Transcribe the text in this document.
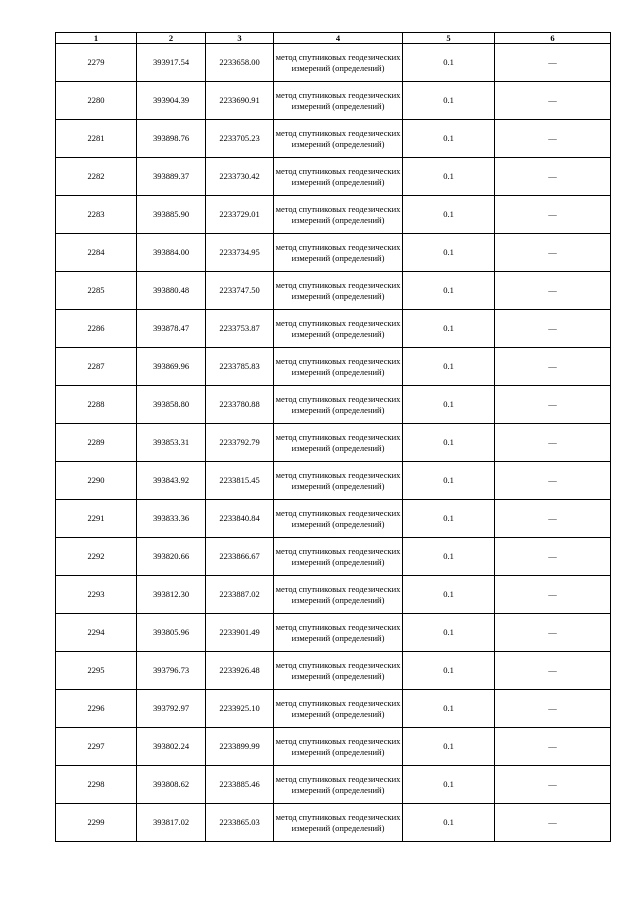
1	2	3	4	5	6
2279	393917.54	2233658.00	метод спутниковых геодезических измерений (определений)	0.1	—
2280	393904.39	2233690.91	метод спутниковых геодезических измерений (определений)	0.1	—
2281	393898.76	2233705.23	метод спутниковых геодезических измерений (определений)	0.1	—
2282	393889.37	2233730.42	метод спутниковых геодезических измерений (определений)	0.1	—
2283	393885.90	2233729.01	метод спутниковых геодезических измерений (определений)	0.1	—
2284	393884.00	2233734.95	метод спутниковых геодезических измерений (определений)	0.1	—
2285	393880.48	2233747.50	метод спутниковых геодезических измерений (определений)	0.1	—
2286	393878.47	2233753.87	метод спутниковых геодезических измерений (определений)	0.1	—
2287	393869.96	2233785.83	метод спутниковых геодезических измерений (определений)	0.1	—
2288	393858.80	2233780.88	метод спутниковых геодезических измерений (определений)	0.1	—
2289	393853.31	2233792.79	метод спутниковых геодезических измерений (определений)	0.1	—
2290	393843.92	2233815.45	метод спутниковых геодезических измерений (определений)	0.1	—
2291	393833.36	2233840.84	метод спутниковых геодезических измерений (определений)	0.1	—
2292	393820.66	2233866.67	метод спутниковых геодезических измерений (определений)	0.1	—
2293	393812.30	2233887.02	метод спутниковых геодезических измерений (определений)	0.1	—
2294	393805.96	2233901.49	метод спутниковых геодезических измерений (определений)	0.1	—
2295	393796.73	2233926.48	метод спутниковых геодезических измерений (определений)	0.1	—
2296	393792.97	2233925.10	метод спутниковых геодезических измерений (определений)	0.1	—
2297	393802.24	2233899.99	метод спутниковых геодезических измерений (определений)	0.1	—
2298	393808.62	2233885.46	метод спутниковых геодезических измерений (определений)	0.1	—
2299	393817.02	2233865.03	метод спутниковых геодезических измерений (определений)	0.1	—
